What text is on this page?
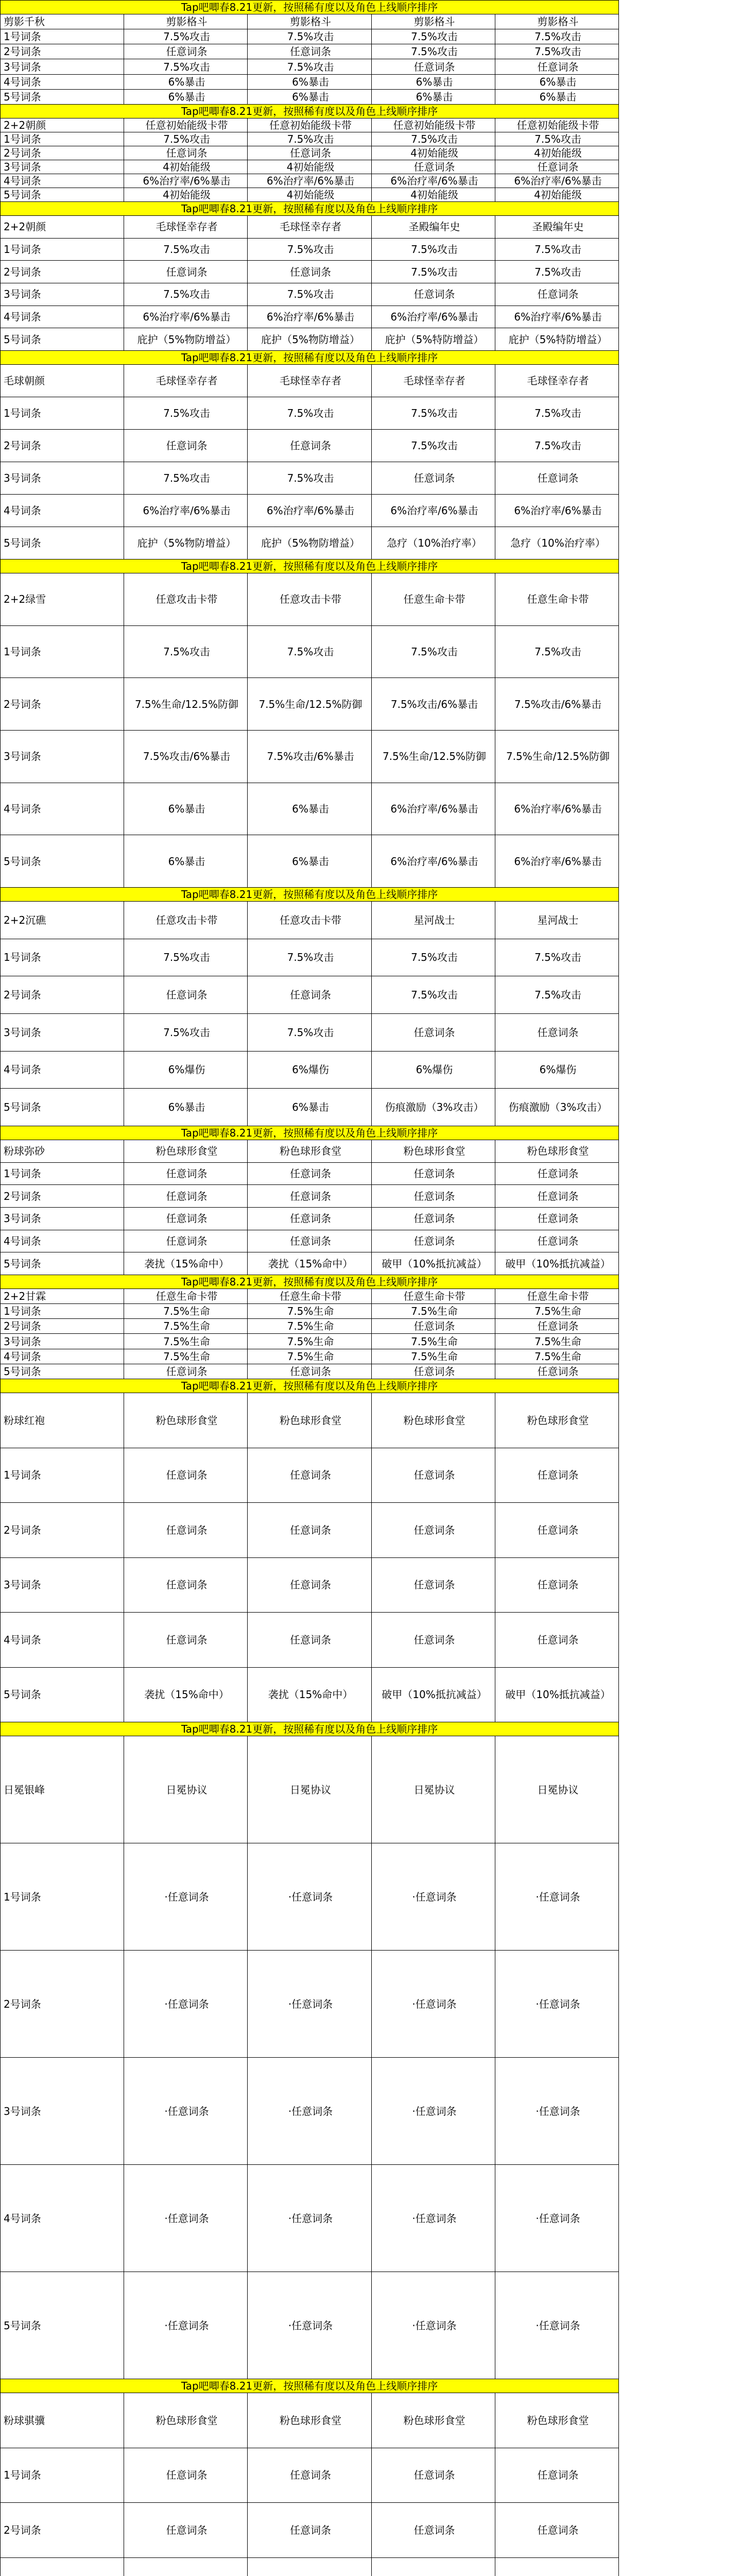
Tap吧唧春8.21更新，按照稀有度以及角色上线顺序排序					
剪影千秋	剪影格斗	剪影格斗	剪影格斗	剪影格斗	
1号词条	7.5%攻击	7.5%攻击	7.5%攻击	7.5%攻击	
2号词条	任意词条	任意词条	7.5%攻击	7.5%攻击	
3号词条	7.5%攻击	7.5%攻击	任意词条	任意词条	
4号词条	6%暴击	6%暴击	6%暴击	6%暴击	
5号词条	6%暴击	6%暴击	6%暴击	6%暴击	
Tap吧唧春8.21更新，按照稀有度以及角色上线顺序排序					
2+2朝颜	任意初始能级卡带	任意初始能级卡带	任意初始能级卡带	任意初始能级卡带	
1号词条	7.5%攻击	7.5%攻击	7.5%攻击	7.5%攻击	
2号词条	任意词条	任意词条	4初始能级	4初始能级	
3号词条	4初始能级	4初始能级	任意词条	任意词条	
4号词条	6%治疗率/6%暴击	6%治疗率/6%暴击	6%治疗率/6%暴击	6%治疗率/6%暴击	
5号词条	4初始能级	4初始能级	4初始能级	4初始能级	
Tap吧唧春8.21更新，按照稀有度以及角色上线顺序排序					
2+2朝颜	毛球怪幸存者	毛球怪幸存者	圣殿编年史	圣殿编年史	
1号词条	7.5%攻击	7.5%攻击	7.5%攻击	7.5%攻击	
2号词条	任意词条	任意词条	7.5%攻击	7.5%攻击	
3号词条	7.5%攻击	7.5%攻击	任意词条	任意词条	
4号词条	6%治疗率/6%暴击	6%治疗率/6%暴击	6%治疗率/6%暴击	6%治疗率/6%暴击	
5号词条	庇护（5%物防增益）	庇护（5%物防增益）	庇护（5%特防增益）	庇护（5%特防增益）	
Tap吧唧春8.21更新，按照稀有度以及角色上线顺序排序					
毛球朝颜	毛球怪幸存者	毛球怪幸存者	毛球怪幸存者	毛球怪幸存者	
1号词条	7.5%攻击	7.5%攻击	7.5%攻击	7.5%攻击	
2号词条	任意词条	任意词条	7.5%攻击	7.5%攻击	
3号词条	7.5%攻击	7.5%攻击	任意词条	任意词条	
4号词条	6%治疗率/6%暴击	6%治疗率/6%暴击	6%治疗率/6%暴击	6%治疗率/6%暴击	
5号词条	庇护（5%物防增益）	庇护（5%物防增益）	急疗（10%治疗率）	急疗（10%治疗率）	
Tap吧唧春8.21更新，按照稀有度以及角色上线顺序排序					
2+2绿雪	任意攻击卡带	任意攻击卡带	任意生命卡带	任意生命卡带	
1号词条	7.5%攻击	7.5%攻击	7.5%攻击	7.5%攻击	
2号词条	7.5%生命/12.5%防御	7.5%生命/12.5%防御	7.5%攻击/6%暴击	7.5%攻击/6%暴击	
3号词条	7.5%攻击/6%暴击	7.5%攻击/6%暴击	7.5%生命/12.5%防御	7.5%生命/12.5%防御	
4号词条	6%暴击	6%暴击	6%治疗率/6%暴击	6%治疗率/6%暴击	
5号词条	6%暴击	6%暴击	6%治疗率/6%暴击	6%治疗率/6%暴击	
Tap吧唧春8.21更新，按照稀有度以及角色上线顺序排序					
2+2沉礁	任意攻击卡带	任意攻击卡带	星河战士	星河战士	
1号词条	7.5%攻击	7.5%攻击	7.5%攻击	7.5%攻击	
2号词条	任意词条	任意词条	7.5%攻击	7.5%攻击	
3号词条	7.5%攻击	7.5%攻击	任意词条	任意词条	
4号词条	6%爆伤	6%爆伤	6%爆伤	6%爆伤	
5号词条	6%暴击	6%暴击	伤痕激励（3%攻击）	伤痕激励（3%攻击）	
Tap吧唧春8.21更新，按照稀有度以及角色上线顺序排序					
粉球弥砂	粉色球形食堂	粉色球形食堂	粉色球形食堂	粉色球形食堂	
1号词条	任意词条	任意词条	任意词条	任意词条	
2号词条	任意词条	任意词条	任意词条	任意词条	
3号词条	任意词条	任意词条	任意词条	任意词条	
4号词条	任意词条	任意词条	任意词条	任意词条	
5号词条	袭扰（15%命中）	袭扰（15%命中）	破甲（10%抵抗减益）	破甲（10%抵抗减益）	
Tap吧唧春8.21更新，按照稀有度以及角色上线顺序排序					
2+2甘霖	任意生命卡带	任意生命卡带	任意生命卡带	任意生命卡带	
1号词条	7.5%生命	7.5%生命	7.5%生命	7.5%生命	
2号词条	7.5%生命	7.5%生命	任意词条	任意词条	
3号词条	7.5%生命	7.5%生命	7.5%生命	7.5%生命	
4号词条	7.5%生命	7.5%生命	7.5%生命	7.5%生命	
5号词条	任意词条	任意词条	任意词条	任意词条	
Tap吧唧春8.21更新，按照稀有度以及角色上线顺序排序					
粉球红袍	粉色球形食堂	粉色球形食堂	粉色球形食堂	粉色球形食堂	
1号词条	任意词条	任意词条	任意词条	任意词条	
2号词条	任意词条	任意词条	任意词条	任意词条	
3号词条	任意词条	任意词条	任意词条	任意词条	
4号词条	任意词条	任意词条	任意词条	任意词条	
5号词条	袭扰（15%命中）	袭扰（15%命中）	破甲（10%抵抗减益）	破甲（10%抵抗减益）	
Tap吧唧春8.21更新，按照稀有度以及角色上线顺序排序					
日冕银峰	日冕协议	日冕协议	日冕协议	日冕协议	
1号词条	·任意词条	·任意词条	·任意词条	·任意词条	
2号词条	·任意词条	·任意词条	·任意词条	·任意词条	
3号词条	·任意词条	·任意词条	·任意词条	·任意词条	
4号词条	·任意词条	·任意词条	·任意词条	·任意词条	
5号词条	·任意词条	·任意词条	·任意词条	·任意词条	
Tap吧唧春8.21更新，按照稀有度以及角色上线顺序排序					
粉球骐骥	粉色球形食堂	粉色球形食堂	粉色球形食堂	粉色球形食堂	
1号词条	任意词条	任意词条	任意词条	任意词条	
2号词条	任意词条	任意词条	任意词条	任意词条	
